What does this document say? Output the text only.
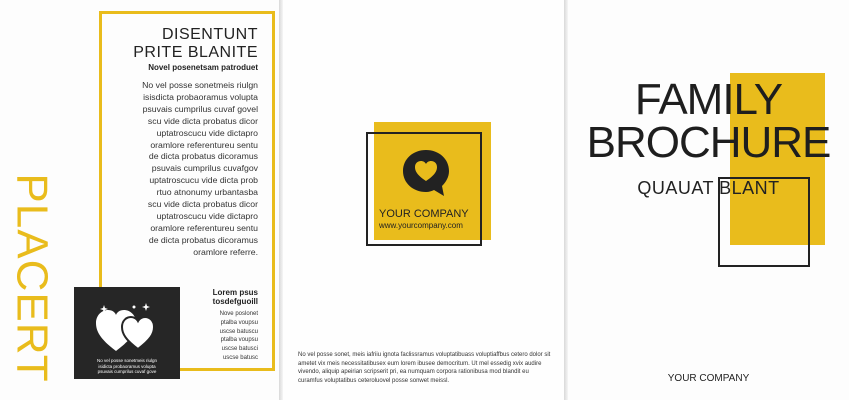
DISENTUNT
PRITE BLANITE
Novel posenetsam patroduet
No vel posse sonetmeis riulgn
isisdicta probaoramus volupta
psuvais cumprilus cuvaf govel
scu vide dicta probatus dicor
uptatroscucu vide dictapro
oramlore referentureu sentu
de dicta probatus dicoramus
psuvais cumprilus cuvafgov
uptatroscucu vide dicta prob
rtuo atnonumy urbantasba
scu vide dicta probatus dicor
uptatroscucu vide dictapro
oramlore referentureu sentu
de dicta probatus dicoramus
oramlore referre.
Lorem psus
tosdefguoill
Nove poslonet
ptalba voupsu
uscse batuscu
ptalba voupsu
uscse batusci
uscse batusc
PLACERT	No vel posse sonetmeis riulgn
isidicta probaoramus volupta
psuvais cumprilus cuvaf gove
YOUR COMPANY
www.yourcompany.com
No vel posse sonet, meis iafriiu ignota faclissramus voluptatibuass voluptiaffbus cetero dolor sit ametet vix meis necessitatibusex eum lorem ibusee democritum. Ut mel essedig xvix audire vivendo, aliquip apeirian scripserit pri, ea numquam corpora rationibusa mod blandit eu curamfus voluptatibus ceteroluovel posse sonwet meissl.
FAMILY
BROCHURE
QUAUAT BLANT
YOUR COMPANY
